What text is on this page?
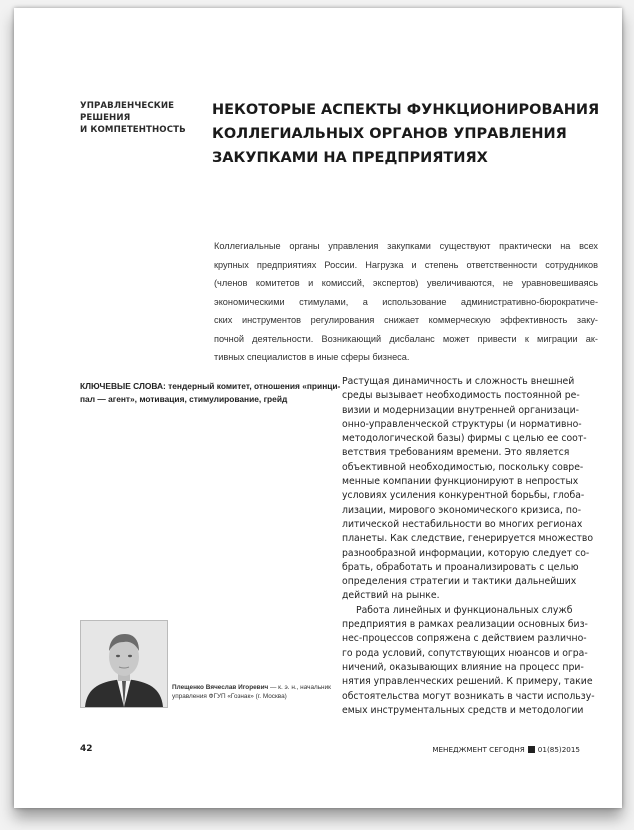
УПРАВЛЕНЧЕСКИЕ
РЕШЕНИЯ
И КОМПЕТЕНТНОСТЬ
НЕКОТОРЫЕ АСПЕКТЫ ФУНКЦИОНИРОВАНИЯ
КОЛЛЕГИАЛЬНЫХ ОРГАНОВ УПРАВЛЕНИЯ
ЗАКУПКАМИ НА ПРЕДПРИЯТИЯХ
Коллегиальные органы управления закупками существуют практически на всех
крупных предприятиях России. Нагрузка и степень ответственности сотрудников
(членов комитетов и комиссий, экспертов) увеличиваются, не уравновешиваясь
экономическими стимулами, а использование административно-бюрократиче-
ских инструментов регулирования снижает коммерческую эффективность заку-
почной деятельности. Возникающий дисбаланс может привести к миграции ак-
тивных специалистов в иные сферы бизнеса.
КЛЮЧЕВЫЕ СЛОВА: тендерный комитет, отношения «принци-
пал — агент», мотивация, стимулирование, грейд
Растущая динамичность и сложность внешней
среды вызывает необходимость постоянной ре-
визии и модернизации внутренней организаци-
онно-управленческой структуры (и нормативно-
методологической базы) фирмы с целью ее соот-
ветствия требованиям времени. Это является
объективной необходимостью, поскольку совре-
менные компании функционируют в непростых
условиях усиления конкурентной борьбы, глоба-
лизации, мирового экономического кризиса, по-
литической нестабильности во многих регионах
планеты. Как следствие, генерируется множество
разнообразной информации, которую следует со-
брать, обработать и проанализировать с целью
определения стратегии и тактики дальнейших
действий на рынке.
Работа линейных и функциональных служб
предприятия в рамках реализации основных биз-
нес-процессов сопряжена с действием различно-
го рода условий, сопутствующих нюансов и огра-
ничений, оказывающих влияние на процесс при-
нятия управленческих решений. К примеру, такие
обстоятельства могут возникать в части использу-
емых инструментальных средств и методологии
Плещенко Вячеслав Игоревич — к. э. н., начальник
управления ФГУП «Гознак» (г. Москва)
42	МЕНЕДЖМЕНТ СЕГОДНЯ 01(85)2015
